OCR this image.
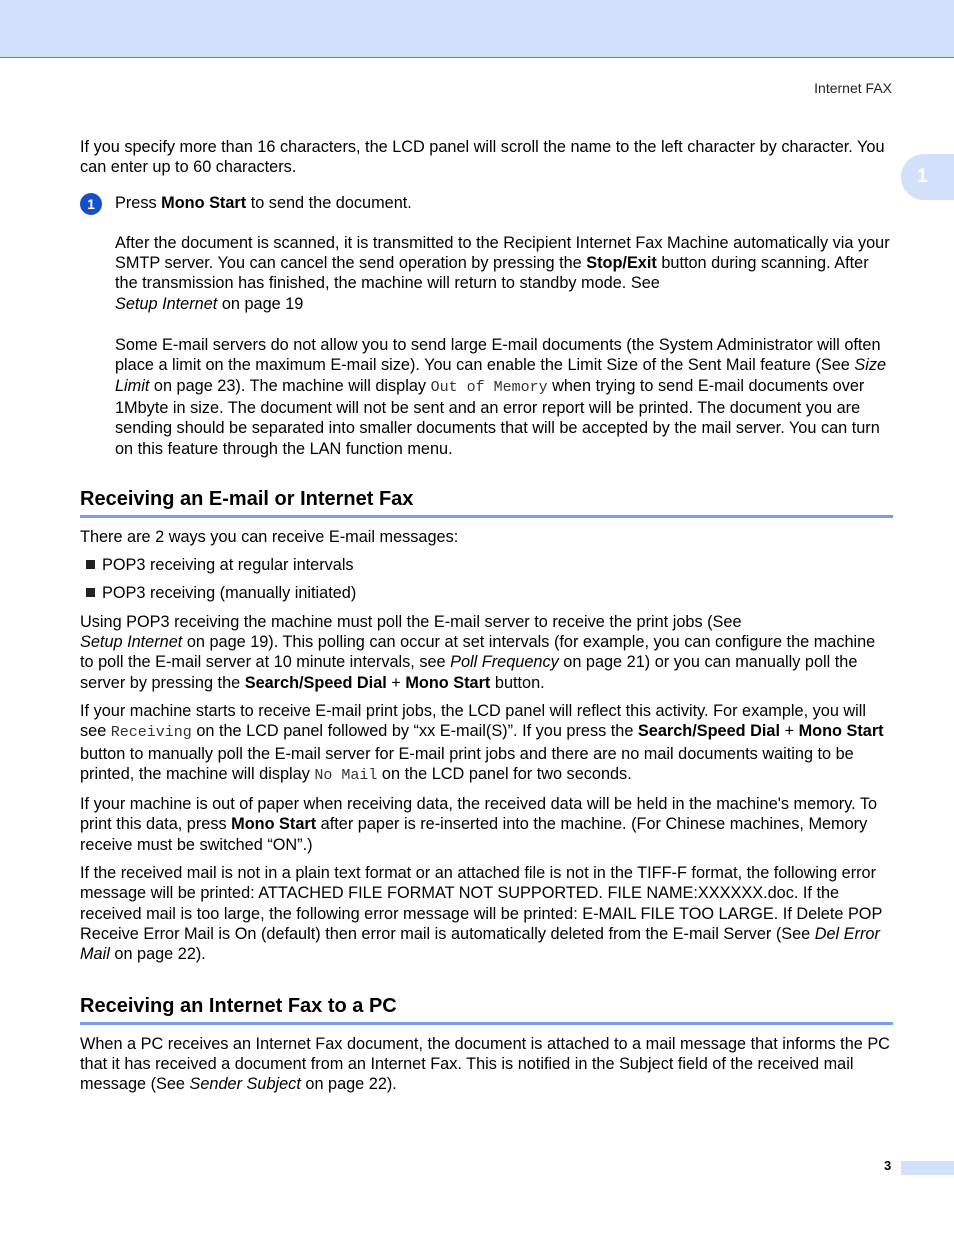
Internet FAX
1

If you specify more than 16 characters, the LCD panel will scroll the name to the left character by character. You can enter up to 60 characters.

1	Press Mono Start to send the document.

After the document is scanned, it is transmitted to the Recipient Internet Fax Machine automatically via your SMTP server. You can cancel the send operation by pressing the Stop/Exit button during scanning. After the transmission has finished, the machine will return to standby mode. See
Setup Internet on page 19

Some E-mail servers do not allow you to send large E-mail documents (the System Administrator will often place a limit on the maximum E-mail size). You can enable the Limit Size of the Sent Mail feature (See Size Limit on page 23). The machine will display Out of Memory when trying to send E-mail documents over 1Mbyte in size. The document will not be sent and an error report will be printed. The document you are sending should be separated into smaller documents that will be accepted by the mail server. You can turn on this feature through the LAN function menu.

Receiving an E-mail or Internet Fax

There are 2 ways you can receive E-mail messages:

POP3 receiving at regular intervals
POP3 receiving (manually initiated)

Using POP3 receiving the machine must poll the E-mail server to receive the print jobs (See
Setup Internet on page 19). This polling can occur at set intervals (for example, you can configure the machine to poll the E-mail server at 10 minute intervals, see Poll Frequency on page 21) or you can manually poll the server by pressing the Search/Speed Dial + Mono Start button.

If your machine starts to receive E-mail print jobs, the LCD panel will reflect this activity. For example, you will see Receiving on the LCD panel followed by “xx E-mail(S)”. If you press the Search/Speed Dial + Mono Start button to manually poll the E-mail server for E-mail print jobs and there are no mail documents waiting to be printed, the machine will display No Mail on the LCD panel for two seconds.

If your machine is out of paper when receiving data, the received data will be held in the machine's memory. To print this data, press Mono Start after paper is re-inserted into the machine. (For Chinese machines, Memory receive must be switched “ON”.)

If the received mail is not in a plain text format or an attached file is not in the TIFF-F format, the following error message will be printed: ATTACHED FILE FORMAT NOT SUPPORTED. FILE NAME:XXXXXX.doc. If the received mail is too large, the following error message will be printed: E-MAIL FILE TOO LARGE. If Delete POP Receive Error Mail is On (default) then error mail is automatically deleted from the E-mail Server (See Del Error Mail on page 22).

Receiving an Internet Fax to a PC

When a PC receives an Internet Fax document, the document is attached to a mail message that informs the PC that it has received a document from an Internet Fax. This is notified in the Subject field of the received mail message (See Sender Subject on page 22).

3
